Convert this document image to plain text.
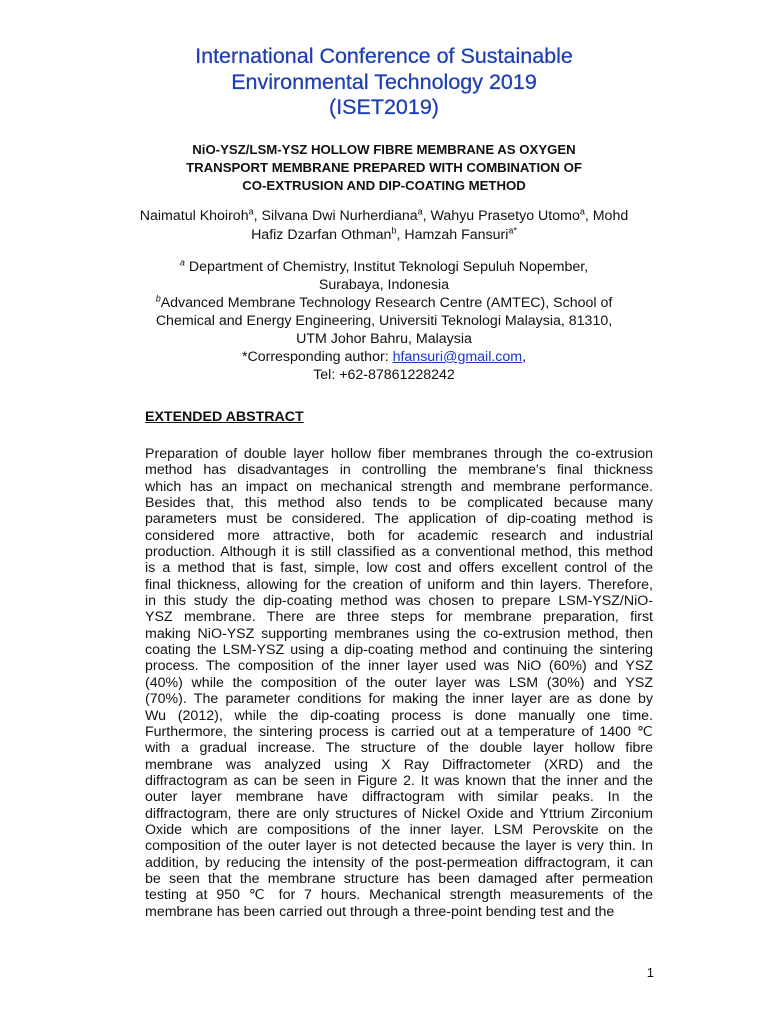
International Conference of Sustainable
Environmental Technology 2019
(ISET2019)
NiO-YSZ/LSM-YSZ HOLLOW FIBRE MEMBRANE AS OXYGEN
TRANSPORT MEMBRANE PREPARED WITH COMBINATION OF
CO-EXTRUSION AND DIP-COATING METHOD
Naimatul Khoiroh$^a$, Silvana Dwi Nurherdiana$^a$, Wahyu Prasetyo Utomo$^a$, Mohd
Hafiz Dzarfan Othman$^b$, Hamzah Fansuri$^{a*}$
$^a$ Department of Chemistry, Institut Teknologi Sepuluh Nopember,
Surabaya, Indonesia
$^b$Advanced Membrane Technology Research Centre (AMTEC), School of
Chemical and Energy Engineering, Universiti Teknologi Malaysia, 81310,
UTM Johor Bahru, Malaysia
*Corresponding author: hfansuri@gmail.com,
Tel: +62-87861228242
EXTENDED ABSTRACT
Preparation of double layer hollow fiber membranes through the co-extrusion
method has disadvantages in controlling the membrane's final thickness
which has an impact on mechanical strength and membrane performance.
Besides that, this method also tends to be complicated because many
parameters must be considered. The application of dip-coating method is
considered more attractive, both for academic research and industrial
production. Although it is still classified as a conventional method, this method
is a method that is fast, simple, low cost and offers excellent control of the
final thickness, allowing for the creation of uniform and thin layers. Therefore,
in this study the dip-coating method was chosen to prepare LSM-YSZ/NiO-
YSZ membrane. There are three steps for membrane preparation, first
making NiO-YSZ supporting membranes using the co-extrusion method, then
coating the LSM-YSZ using a dip-coating method and continuing the sintering
process. The composition of the inner layer used was NiO (60%) and YSZ
(40%) while the composition of the outer layer was LSM (30%) and YSZ
(70%). The parameter conditions for making the inner layer are as done by
Wu (2012), while the dip-coating process is done manually one time.
Furthermore, the sintering process is carried out at a temperature of 1400 ℃
with a gradual increase. The structure of the double layer hollow fibre
membrane was analyzed using X Ray Diffractometer (XRD) and the
diffractogram as can be seen in Figure 2. It was known that the inner and the
outer layer membrane have diffractogram with similar peaks. In the
diffractogram, there are only structures of Nickel Oxide and Yttrium Zirconium
Oxide which are compositions of the inner layer. LSM Perovskite on the
composition of the outer layer is not detected because the layer is very thin. In
addition, by reducing the intensity of the post-permeation diffractogram, it can
be seen that the membrane structure has been damaged after permeation
testing at 950 ℃ for 7 hours. Mechanical strength measurements of the
membrane has been carried out through a three-point bending test and the
1
